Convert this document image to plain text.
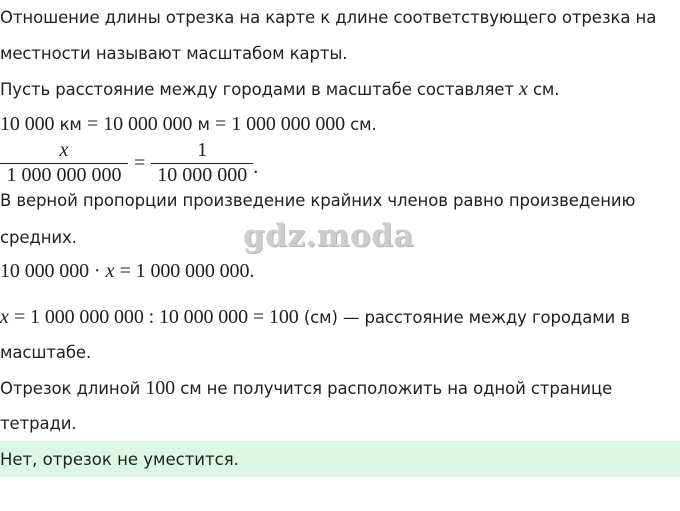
Отношение длины отрезка на карте к длине соответствующего отрезка на
местности называют масштабом карты.
Пусть расстояние между городами в масштабе составляет x см.
10 000 км = 10 000 000 м = 1 000 000 000 см.
$\frac{x}{1 000 000 000} = \frac{1}{10 000 000}$ .
В верной пропорции произведение крайних членов равно произведению
средних.	gdz.moda
10 000 000 · x = 1 000 000 000.
x = 1 000 000 000 : 10 000 000 = 100 (см) — расстояние между городами в
масштабе.
Отрезок длиной 100 см не получится расположить на одной странице
тетради.
Нет, отрезок не уместится.
